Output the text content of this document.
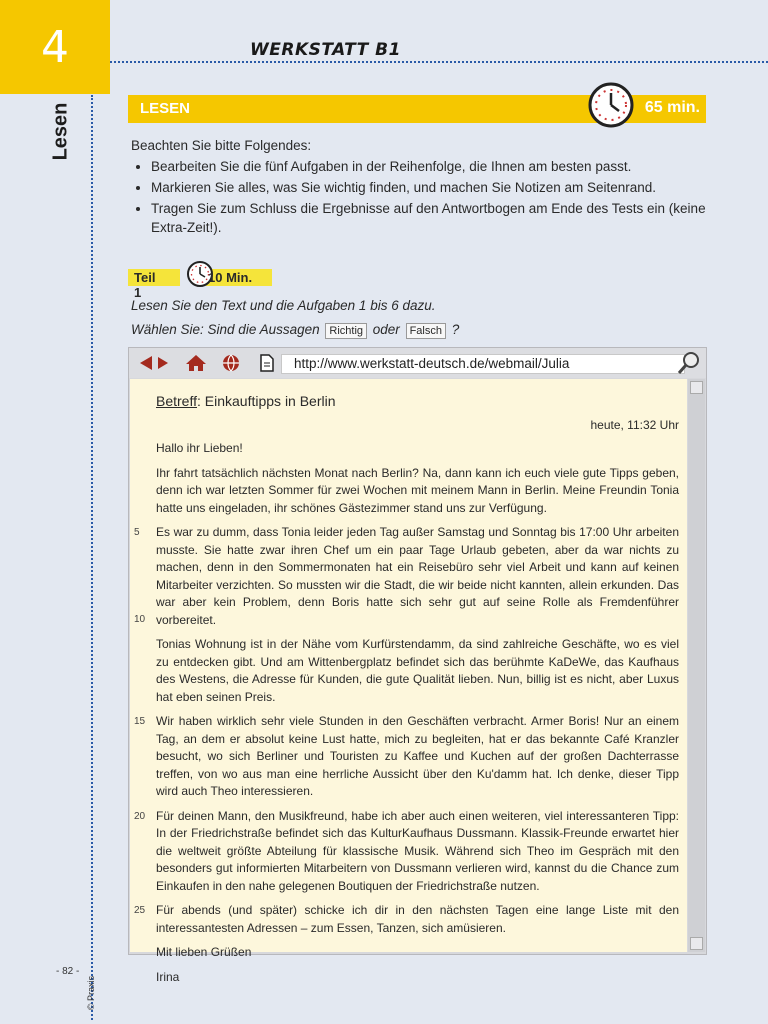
4
Lesen
WERKSTATT B1
LESEN	65 min.
Beachten Sie bitte Folgendes:
• Bearbeiten Sie die fünf Aufgaben in der Reihenfolge, die Ihnen am besten passt.
• Markieren Sie alles, was Sie wichtig finden, und machen Sie Notizen am Seitenrand.
• Tragen Sie zum Schluss die Ergebnisse auf den Antwortbogen am Ende des Tests ein (keine Extra-Zeit!).
Teil 1
10 Min.
Lesen Sie den Text und die Aufgaben 1 bis 6 dazu.
Wählen Sie: Sind die Aussagen Richtig oder Falsch ?
http://www.werkstatt-deutsch.de/webmail/Julia
Betreff: Einkauftipps in Berlin
heute, 11:32 Uhr

Hallo ihr Lieben!

Ihr fahrt tatsächlich nächsten Monat nach Berlin? Na, dann kann ich euch viele gute Tipps geben, denn ich war letzten Sommer für zwei Wochen mit meinem Mann in Berlin. Meine Freundin Tonia hatte uns eingeladen, ihr schönes Gästezimmer stand uns zur Verfügung.

5
10
Es war zu dumm, dass Tonia leider jeden Tag außer Samstag und Sonntag bis 17:00 Uhr arbeiten musste. Sie hatte zwar ihren Chef um ein paar Tage Urlaub gebeten, aber da war nichts zu machen, denn in den Sommermonaten hat ein Reisebüro sehr viel Arbeit und kann auf keinen Mitarbeiter verzichten. So mussten wir die Stadt, die wir beide nicht kannten, allein erkunden. Das war aber kein Problem, denn Boris hatte sich sehr gut auf seine Rolle als Fremdenführer vorbereitet.

Tonias Wohnung ist in der Nähe vom Kurfürstendamm, da sind zahlreiche Geschäfte, wo es viel zu entdecken gibt. Und am Wittenbergplatz befindet sich das berühmte KaDeWe, das Kaufhaus des Westens, die Adresse für Kunden, die gute Qualität lieben. Nun, billig ist es nicht, aber Luxus hat eben seinen Preis.

15 Wir haben wirklich sehr viele Stunden in den Geschäften verbracht. Armer Boris! Nur an einem Tag, an dem er absolut keine Lust hatte, mich zu begleiten, hat er das bekannte Café Kranzler besucht, wo sich Berliner und Touristen zu Kaffee und Kuchen auf der großen Dachterrasse treffen, von wo aus man eine herrliche Aussicht über den Ku'damm hat. Ich denke, dieser Tipp wird auch Theo interessieren.

20 Für deinen Mann, den Musikfreund, habe ich aber auch einen weiteren, viel interessanteren Tipp: In der Friedrichstraße befindet sich das KulturKaufhaus Dussmann. Klassik-Freunde erwartet hier die weltweit größte Abteilung für klassische Musik. Während sich Theo im Gespräch mit den besonders gut informierten Mitarbeitern von Dussmann verlieren wird, kannst du die Chance zum Einkaufen in den nahe gelegenen Boutiquen der Friedrichstraße nutzen.

25 Für abends (und später) schicke ich dir in den nächsten Tagen eine lange Liste mit den interessantesten Adressen – zum Essen, Tanzen, sich amüsieren.

Mit lieben Grüßen
Irina
- 82 -
© Praxis
